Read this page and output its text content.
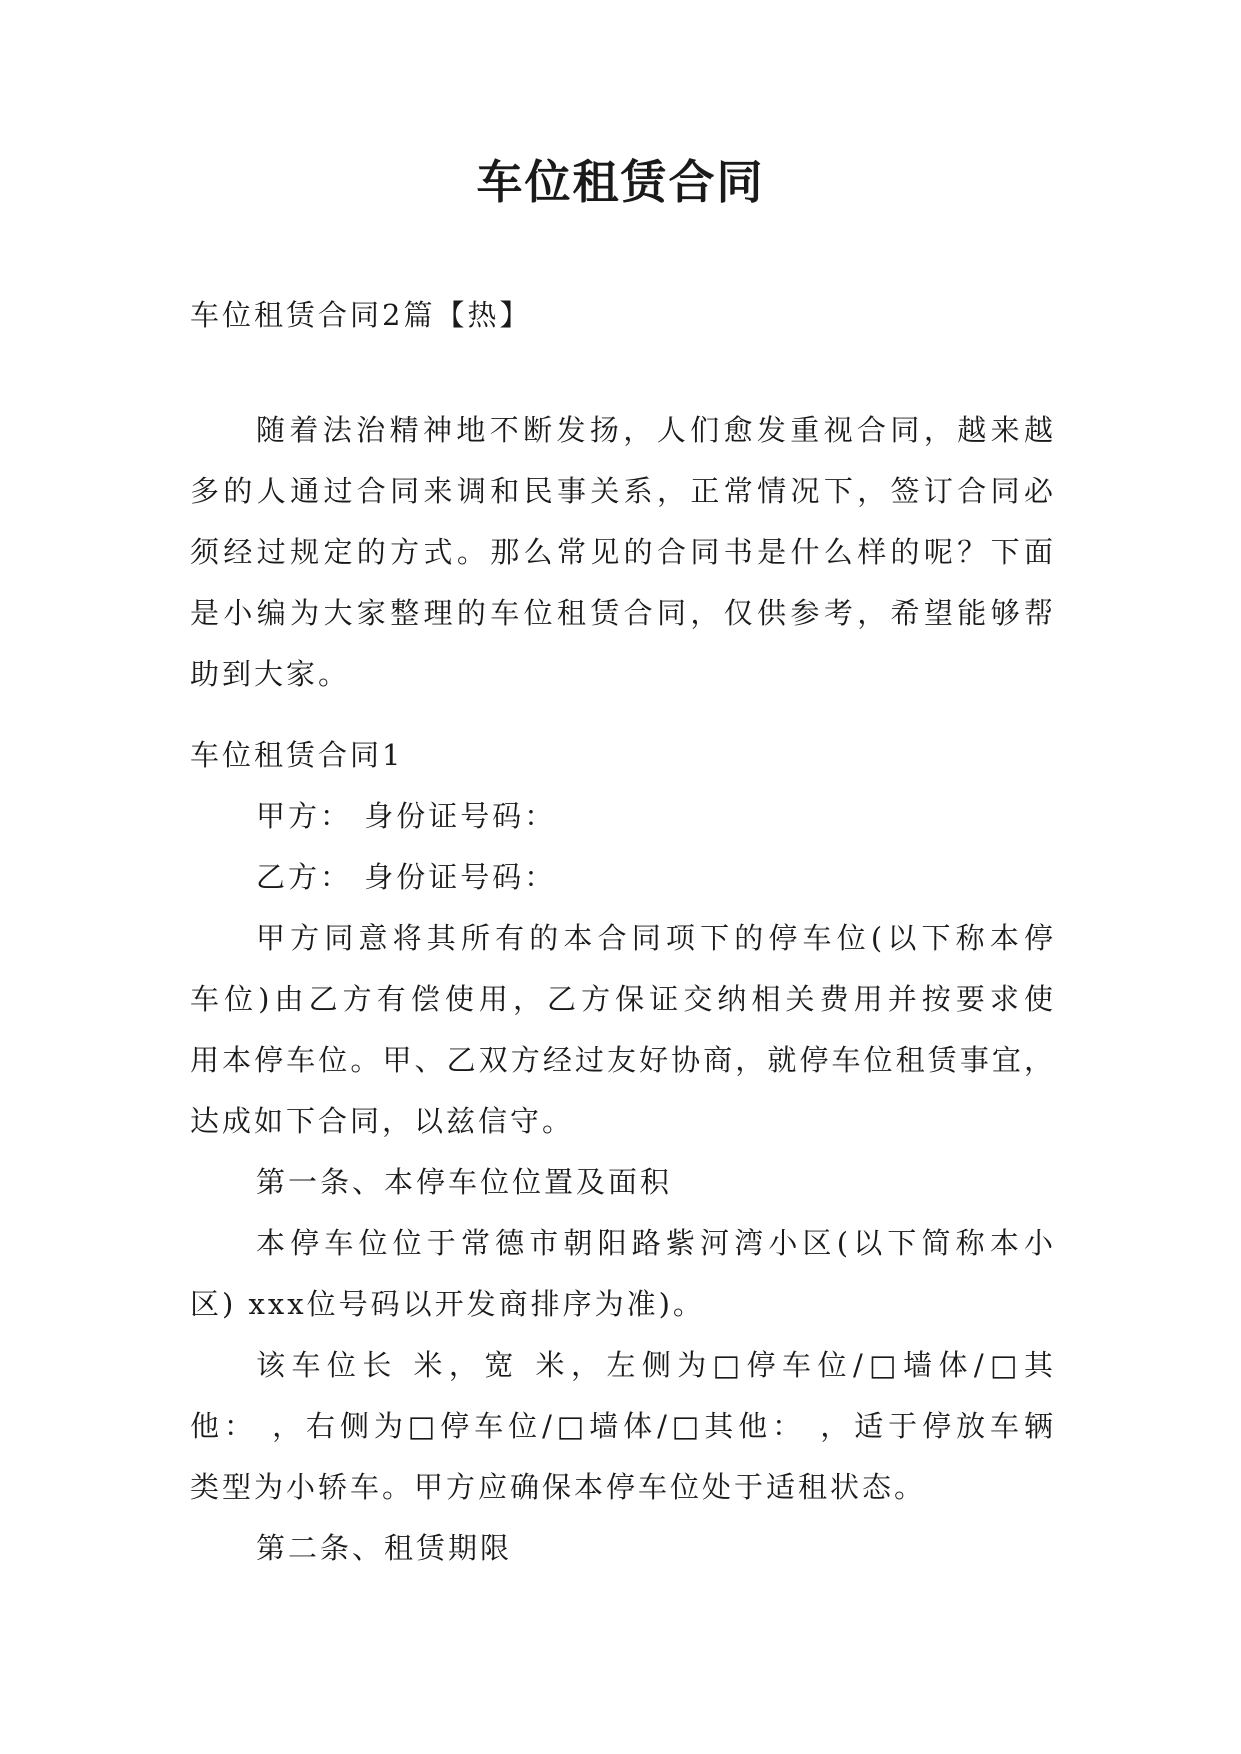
车位租赁合同
车位租赁合同2篇【热】
随着法治精神地不断发扬，人们愈发重视合同，越来越
多的人通过合同来调和民事关系，正常情况下，签订合同必
须经过规定的方式。那么常见的合同书是什么样的呢？下面
是小编为大家整理的车位租赁合同，仅供参考，希望能够帮
助到大家。
车位租赁合同1
甲方： 身份证号码：
乙方： 身份证号码：
甲方同意将其所有的本合同项下的停车位(以下称本停
车位)由乙方有偿使用，乙方保证交纳相关费用并按要求使
用本停车位。甲、乙双方经过友好协商，就停车位租赁事宜，
达成如下合同，以兹信守。
第一条、本停车位位置及面积
本停车位位于常德市朝阳路紫河湾小区(以下简称本小
区) xxx位号码以开发商排序为准)。
该车位长 米，宽 米，左侧为□停车位/□墙体/□其
他： ，右侧为□停车位/□墙体/□其他： ，适于停放车辆
类型为小轿车。甲方应确保本停车位处于适租状态。
第二条、租赁期限
